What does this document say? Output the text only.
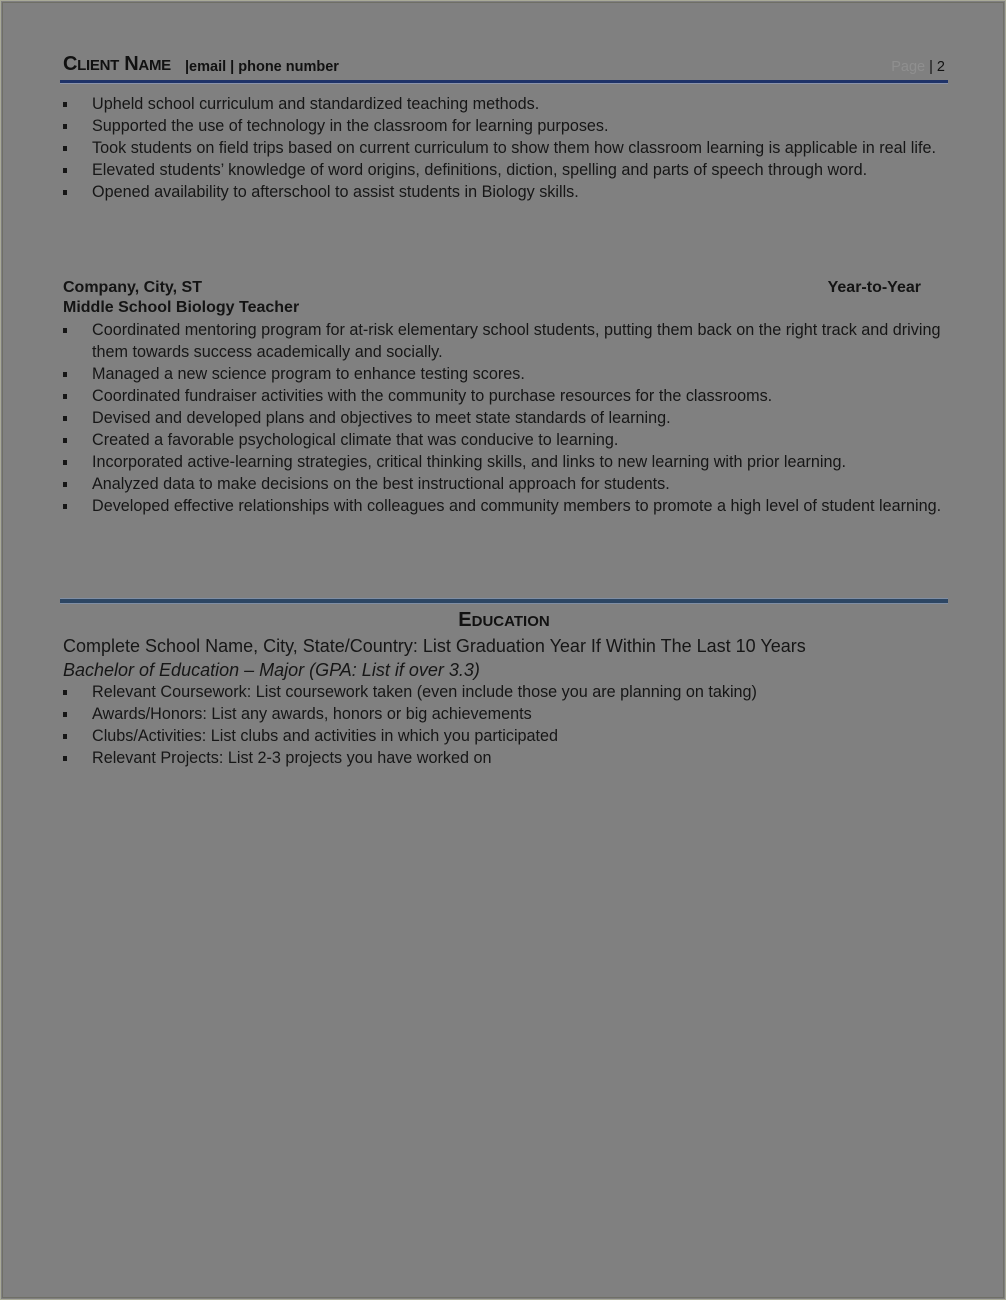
CLIENT NAME |email | phone number	Page | 2
Upheld school curriculum and standardized teaching methods.
Supported the use of technology in the classroom for learning purposes.
Took students on field trips based on current curriculum to show them how classroom learning is applicable in real life.
Elevated students’ knowledge of word origins, definitions, diction, spelling and parts of speech through word.
Opened availability to afterschool to assist students in Biology skills.
Company, City, ST	Year-to-Year
Middle School Biology Teacher
Coordinated mentoring program for at-risk elementary school students, putting them back on the right track and driving them towards success academically and socially.
Managed a new science program to enhance testing scores.
Coordinated fundraiser activities with the community to purchase resources for the classrooms.
Devised and developed plans and objectives to meet state standards of learning.
Created a favorable psychological climate that was conducive to learning.
Incorporated active-learning strategies, critical thinking skills, and links to new learning with prior learning.
Analyzed data to make decisions on the best instructional approach for students.
Developed effective relationships with colleagues and community members to promote a high level of student learning.
EDUCATION
Complete School Name, City, State/Country: List Graduation Year If Within The Last 10 Years
Bachelor of Education – Major (GPA: List if over 3.3)
Relevant Coursework: List coursework taken (even include those you are planning on taking)
Awards/Honors: List any awards, honors or big achievements
Clubs/Activities: List clubs and activities in which you participated
Relevant Projects: List 2-3 projects you have worked on
